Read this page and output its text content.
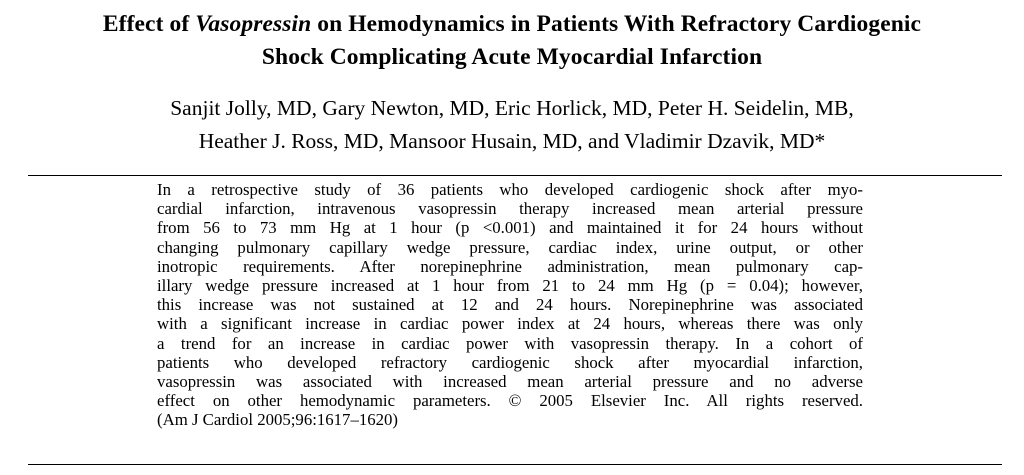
Effect of Vasopressin on Hemodynamics in Patients With Refractory Cardiogenic
Shock Complicating Acute Myocardial Infarction
Sanjit Jolly, MD, Gary Newton, MD, Eric Horlick, MD, Peter H. Seidelin, MB,
Heather J. Ross, MD, Mansoor Husain, MD, and Vladimir Dzavik, MD*
In a retrospective study of 36 patients who developed cardiogenic shock after myo-
cardial infarction, intravenous vasopressin therapy increased mean arterial pressure
from 56 to 73 mm Hg at 1 hour (p <0.001) and maintained it for 24 hours without
changing pulmonary capillary wedge pressure, cardiac index, urine output, or other
inotropic requirements. After norepinephrine administration, mean pulmonary cap-
illary wedge pressure increased at 1 hour from 21 to 24 mm Hg (p = 0.04); however,
this increase was not sustained at 12 and 24 hours. Norepinephrine was associated
with a significant increase in cardiac power index at 24 hours, whereas there was only
a trend for an increase in cardiac power with vasopressin therapy. In a cohort of
patients who developed refractory cardiogenic shock after myocardial infarction,
vasopressin was associated with increased mean arterial pressure and no adverse
effect on other hemodynamic parameters. © 2005 Elsevier Inc. All rights reserved.
(Am J Cardiol 2005;96:1617–1620)
